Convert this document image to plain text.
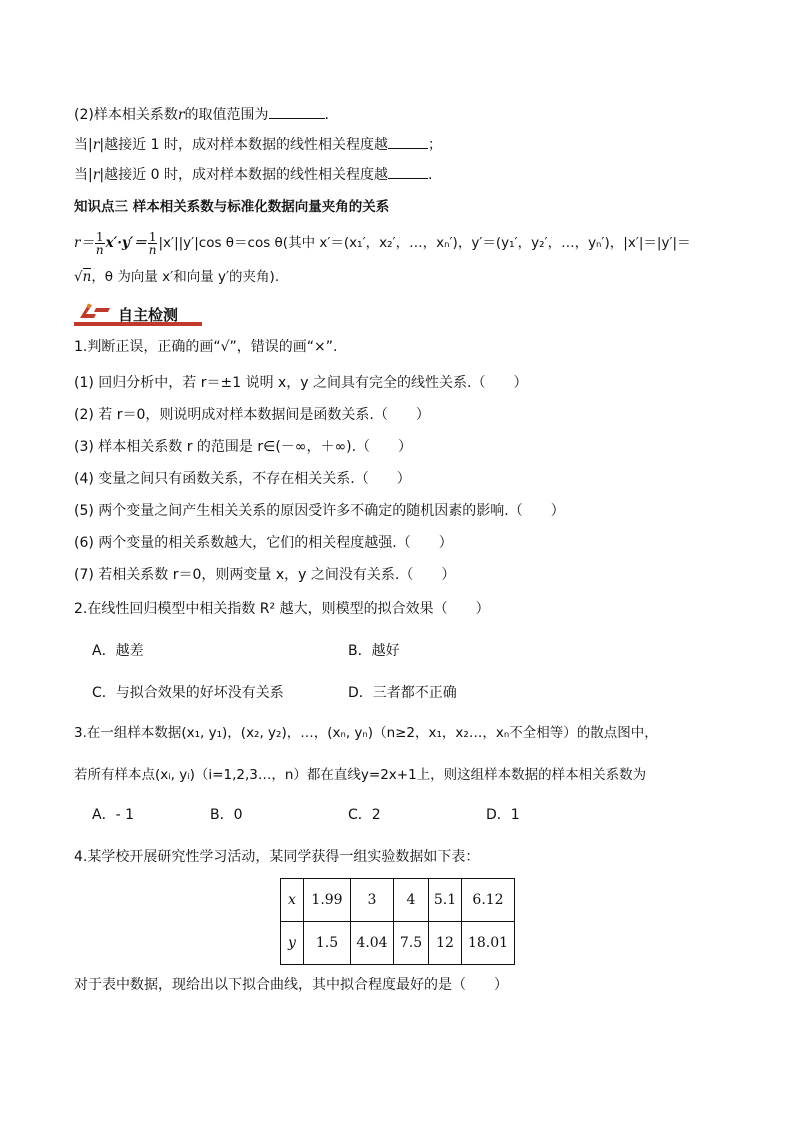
(2)样本相关系数r的取值范围为	.
当|r|越接近 1 时，成对样本数据的线性相关程度越	；
当|r|越接近 0 时，成对样本数据的线性相关程度越	.
知识点三 样本相关系数与标准化数据向量夹角的关系
$r= \frac{1}{n} x'\cdot y'= \frac{1}{n} |x'||y'|\cos$ θ＝cos θ(其中 x′＝(x₁′，x₂′，…，xₙ′)，y′＝(y₁′，y₂′，…，yₙ′)，|x′|＝|y′|＝
√n，θ 为向量 x′和向量 y′的夹角).
自主检测
1.判断正误，正确的画“√”，错误的画“×”.
(1) 回归分析中，若 r＝±1 说明 x，y 之间具有完全的线性关系.（　　）
(2) 若 r＝0，则说明成对样本数据间是函数关系.（　　）
(3) 样本相关系数 r 的范围是 r∈(－∞，＋∞).（　　）
(4) 变量之间只有函数关系，不存在相关关系.（　　）
(5) 两个变量之间产生相关关系的原因受许多不确定的随机因素的影响.（　　）
(6) 两个变量的相关系数越大，它们的相关程度越强.（　　）
(7) 若相关系数 r＝0，则两变量 x，y 之间没有关系.（　　）
2.在线性回归模型中相关指数 R² 越大，则模型的拟合效果（　　）
A．越差	B．越好
C．与拟合效果的好坏没有关系	D．三者都不正确
3.在一组样本数据(x₁, y₁)，(x₂, y₂)，…，(xₙ, yₙ)（n≥2，x₁，x₂…，xₙ不全相等）的散点图中，
若所有样本点(xᵢ, yᵢ)（i=1,2,3…，n）都在直线y=2x+1上，则这组样本数据的样本相关系数为
A．- 1	B．0	C．2	D．1
4.某学校开展研究性学习活动，某同学获得一组实验数据如下表：
x	1.99	3	4	5.1	6.12
y	1.5	4.04	7.5	12	18.01
对于表中数据，现给出以下拟合曲线，其中拟合程度最好的是（　　）
